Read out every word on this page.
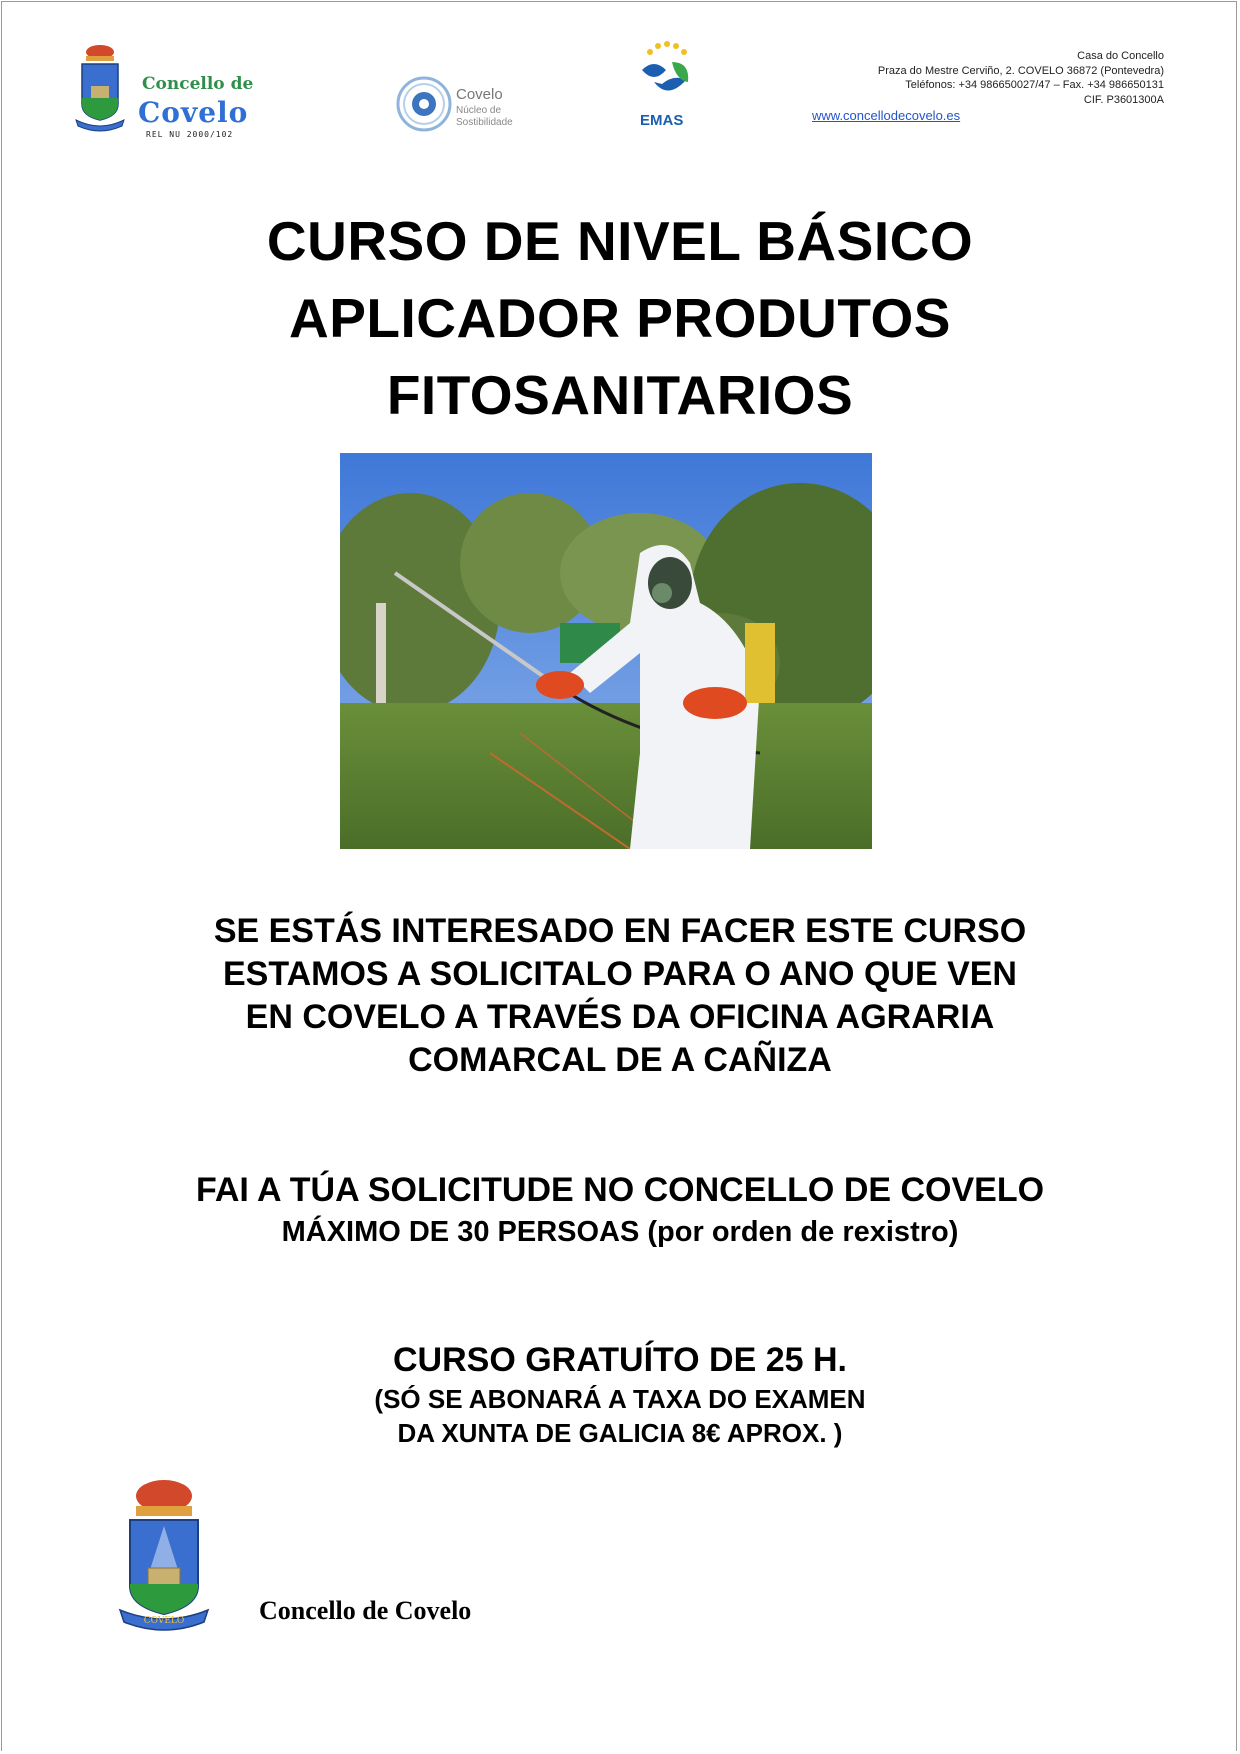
Concello de
Covelo
REL NU 2000/102
Covelo
Núcleo de
Sostibilidade	EMAS
Casa do Concello
Praza do Mestre Cerviño, 2. COVELO 36872 (Pontevedra)
Teléfonos: +34 986650027/47 – Fax. +34 986650131
CIF. P3601300A
www.concellodecovelo.es
CURSO DE NIVEL BÁSICO
APLICADOR PRODUTOS
FITOSANITARIOS
SE ESTÁS INTERESADO EN FACER ESTE CURSO
ESTAMOS A SOLICITALO PARA O ANO QUE VEN
EN COVELO A TRAVÉS DA OFICINA AGRARIA
COMARCAL DE A CAÑIZA
FAI A TÚA SOLICITUDE NO CONCELLO DE COVELO
MÁXIMO DE 30 PERSOAS (por orden de rexistro)
CURSO GRATUÍTO DE 25 H.
(SÓ SE ABONARÁ A TAXA DO EXAMEN
DA XUNTA DE GALICIA 8€ APROX. )
COVELO	Concello de Covelo
